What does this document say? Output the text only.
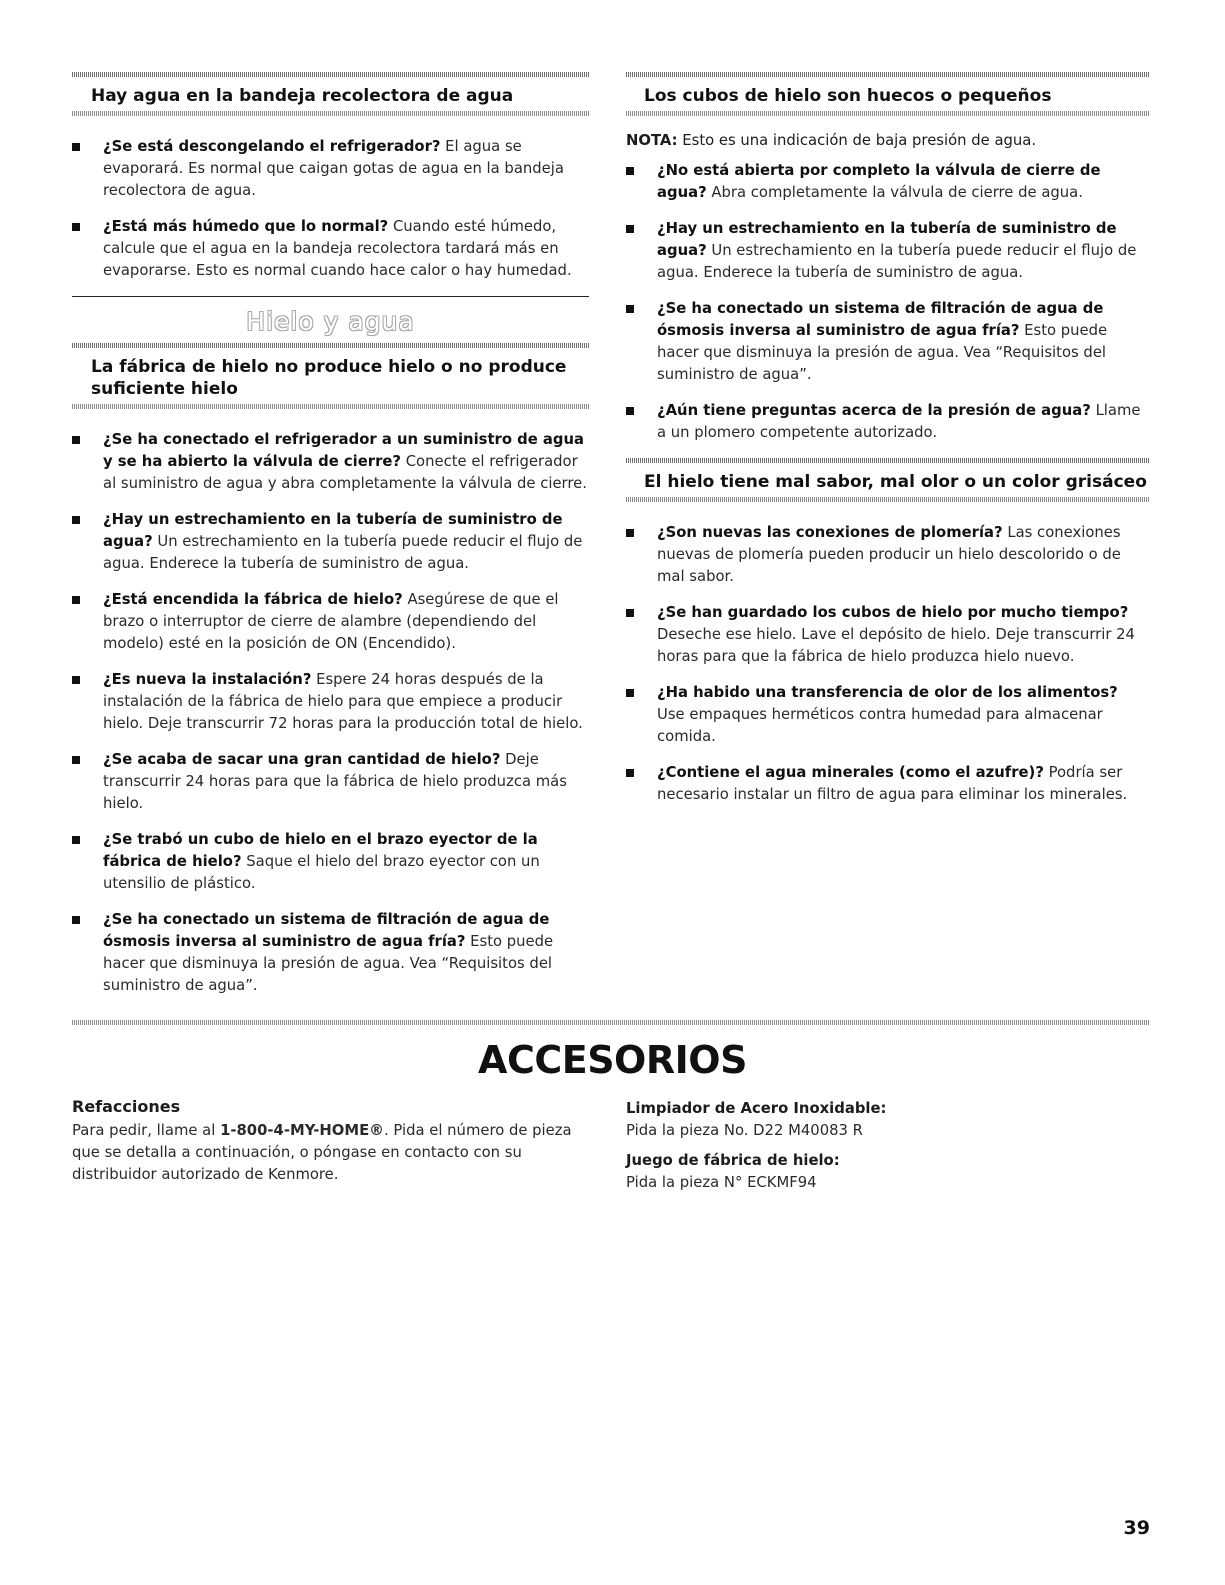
Hay agua en la bandeja recolectora de agua
¿Se está descongelando el refrigerador? El agua se evaporará. Es normal que caigan gotas de agua en la bandeja recolectora de agua.
¿Está más húmedo que lo normal? Cuando esté húmedo, calcule que el agua en la bandeja recolectora tardará más en evaporarse. Esto es normal cuando hace calor o hay humedad.
Hielo y agua
La fábrica de hielo no produce hielo o no produce suficiente hielo
¿Se ha conectado el refrigerador a un suministro de agua y se ha abierto la válvula de cierre? Conecte el refrigerador al suministro de agua y abra completamente la válvula de cierre.
¿Hay un estrechamiento en la tubería de suministro de agua? Un estrechamiento en la tubería puede reducir el flujo de agua. Enderece la tubería de suministro de agua.
¿Está encendida la fábrica de hielo? Asegúrese de que el brazo o interruptor de cierre de alambre (dependiendo del modelo) esté en la posición de ON (Encendido).
¿Es nueva la instalación? Espere 24 horas después de la instalación de la fábrica de hielo para que empiece a producir hielo. Deje transcurrir 72 horas para la producción total de hielo.
¿Se acaba de sacar una gran cantidad de hielo? Deje transcurrir 24 horas para que la fábrica de hielo produzca más hielo.
¿Se trabó un cubo de hielo en el brazo eyector de la fábrica de hielo? Saque el hielo del brazo eyector con un utensilio de plástico.
¿Se ha conectado un sistema de filtración de agua de ósmosis inversa al suministro de agua fría? Esto puede hacer que disminuya la presión de agua. Vea “Requisitos del suministro de agua”.
Los cubos de hielo son huecos o pequeños
NOTA: Esto es una indicación de baja presión de agua.
¿No está abierta por completo la válvula de cierre de agua? Abra completamente la válvula de cierre de agua.
¿Hay un estrechamiento en la tubería de suministro de agua? Un estrechamiento en la tubería puede reducir el flujo de agua. Enderece la tubería de suministro de agua.
¿Se ha conectado un sistema de filtración de agua de ósmosis inversa al suministro de agua fría? Esto puede hacer que disminuya la presión de agua. Vea “Requisitos del suministro de agua”.
¿Aún tiene preguntas acerca de la presión de agua? Llame a un plomero competente autorizado.
El hielo tiene mal sabor, mal olor o un color grisáceo
¿Son nuevas las conexiones de plomería? Las conexiones nuevas de plomería pueden producir un hielo descolorido o de mal sabor.
¿Se han guardado los cubos de hielo por mucho tiempo? Deseche ese hielo. Lave el depósito de hielo. Deje transcurrir 24 horas para que la fábrica de hielo produzca hielo nuevo.
¿Ha habido una transferencia de olor de los alimentos? Use empaques herméticos contra humedad para almacenar comida.
¿Contiene el agua minerales (como el azufre)? Podría ser necesario instalar un filtro de agua para eliminar los minerales.
ACCESORIOS
Refacciones
Para pedir, llame al 1-800-4-MY-HOME®. Pida el número de pieza que se detalla a continuación, o póngase en contacto con su distribuidor autorizado de Kenmore.
Limpiador de Acero Inoxidable:
Pida la pieza No. D22 M40083 R
Juego de fábrica de hielo:
Pida la pieza N° ECKMF94
39
